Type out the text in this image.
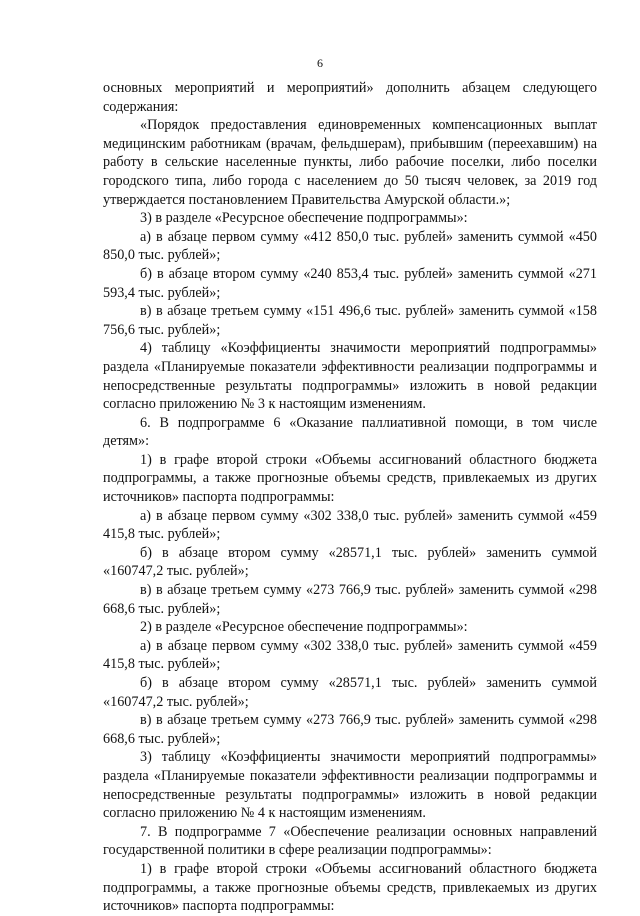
6

основных мероприятий и мероприятий» дополнить абзацем следующего содержания:

«Порядок предоставления единовременных компенсационных выплат медицинским работникам (врачам, фельдшерам), прибывшим (переехавшим) на работу в сельские населенные пункты, либо рабочие поселки, либо поселки городского типа, либо города с населением до 50 тысяч человек, за 2019 год утверждается постановлением Правительства Амурской области.»;

3) в разделе «Ресурсное обеспечение подпрограммы»:

а) в абзаце первом сумму «412 850,0 тыс. рублей» заменить суммой «450 850,0 тыс. рублей»;

б) в абзаце втором сумму «240 853,4 тыс. рублей» заменить суммой «271 593,4 тыс. рублей»;

в) в абзаце третьем сумму «151 496,6 тыс. рублей» заменить суммой «158 756,6 тыс. рублей»;

4) таблицу «Коэффициенты значимости мероприятий подпрограммы» раздела «Планируемые показатели эффективности реализации подпрограммы и непосредственные результаты подпрограммы» изложить в новой редакции согласно приложению № 3 к настоящим изменениям.

6. В подпрограмме 6 «Оказание паллиативной помощи, в том числе детям»:

1) в графе второй строки «Объемы ассигнований областного бюджета подпрограммы, а также прогнозные объемы средств, привлекаемых из других источников» паспорта подпрограммы:

а) в абзаце первом сумму «302 338,0 тыс. рублей» заменить суммой «459 415,8 тыс. рублей»;

б) в абзаце втором сумму «28571,1 тыс. рублей» заменить суммой «160747,2 тыс. рублей»;

в) в абзаце третьем сумму «273 766,9 тыс. рублей» заменить суммой «298 668,6 тыс. рублей»;

2) в разделе «Ресурсное обеспечение подпрограммы»:

а) в абзаце первом сумму «302 338,0 тыс. рублей» заменить суммой «459 415,8 тыс. рублей»;

б) в абзаце втором сумму «28571,1 тыс. рублей» заменить суммой «160747,2 тыс. рублей»;

в) в абзаце третьем сумму «273 766,9 тыс. рублей» заменить суммой «298 668,6 тыс. рублей»;

3) таблицу «Коэффициенты значимости мероприятий подпрограммы» раздела «Планируемые показатели эффективности реализации подпрограммы и непосредственные результаты подпрограммы» изложить в новой редакции согласно приложению № 4 к настоящим изменениям.

7. В подпрограмме 7 «Обеспечение реализации основных направлений государственной политики в сфере реализации подпрограммы»:

1) в графе второй строки «Объемы ассигнований областного бюджета подпрограммы, а также прогнозные объемы средств, привлекаемых из других источников» паспорта подпрограммы:
